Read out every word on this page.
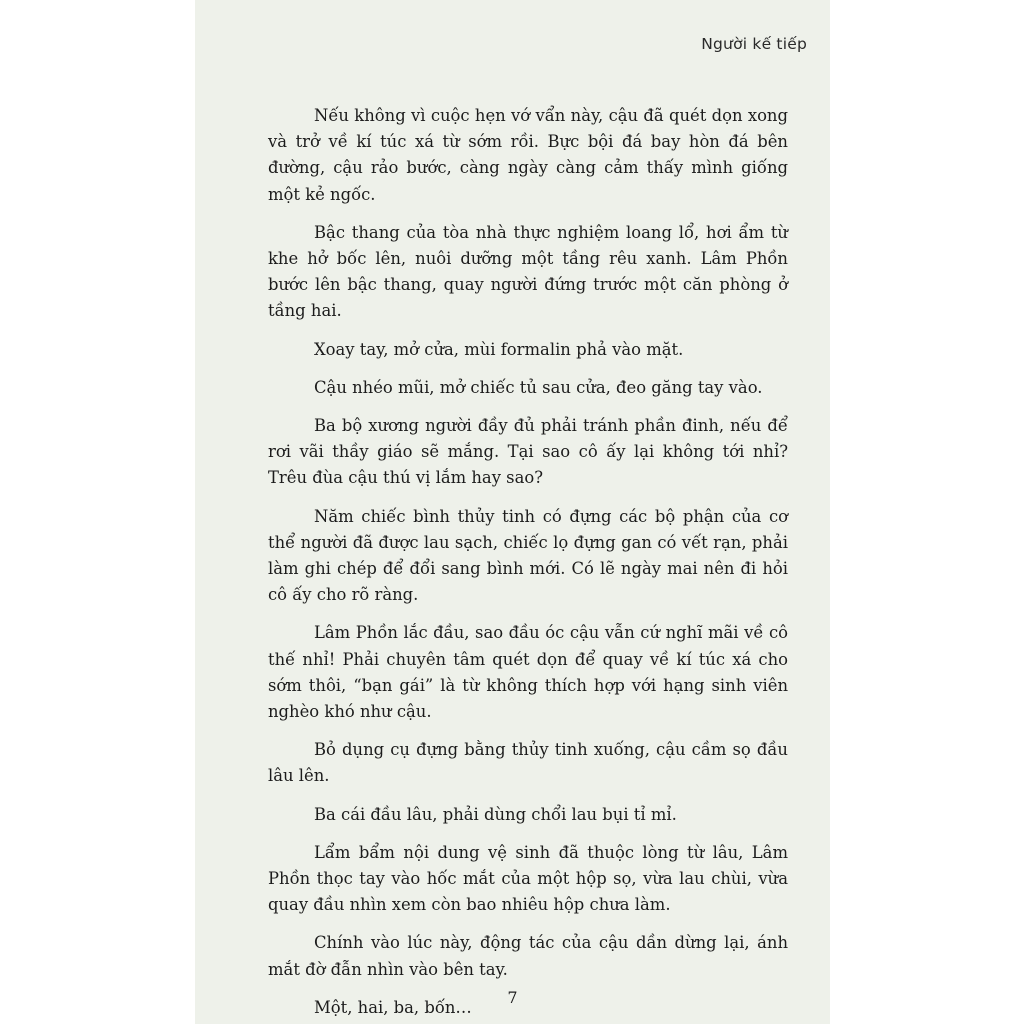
Người kế tiếp

Nếu không vì cuộc hẹn vớ vẩn này, cậu đã quét dọn xong và trở về kí túc xá từ sớm rồi. Bực bội đá bay hòn đá bên đường, cậu rảo bước, càng ngày càng cảm thấy mình giống một kẻ ngốc.

Bậc thang của tòa nhà thực nghiệm loang lổ, hơi ẩm từ khe hở bốc lên, nuôi dưỡng một tầng rêu xanh. Lâm Phồn bước lên bậc thang, quay người đứng trước một căn phòng ở tầng hai.

Xoay tay, mở cửa, mùi formalin phả vào mặt.

Cậu nhéo mũi, mở chiếc tủ sau cửa, đeo găng tay vào.

Ba bộ xương người đầy đủ phải tránh phần đinh, nếu để rơi vãi thầy giáo sẽ mắng. Tại sao cô ấy lại không tới nhỉ? Trêu đùa cậu thú vị lắm hay sao?

Năm chiếc bình thủy tinh có đựng các bộ phận của cơ thể người đã được lau sạch, chiếc lọ đựng gan có vết rạn, phải làm ghi chép để đổi sang bình mới. Có lẽ ngày mai nên đi hỏi cô ấy cho rõ ràng.

Lâm Phồn lắc đầu, sao đầu óc cậu vẫn cứ nghĩ mãi về cô thế nhỉ! Phải chuyên tâm quét dọn để quay về kí túc xá cho sớm thôi, “bạn gái” là từ không thích hợp với hạng sinh viên nghèo khó như cậu.

Bỏ dụng cụ đựng bằng thủy tinh xuống, cậu cầm sọ đầu lâu lên.

Ba cái đầu lâu, phải dùng chổi lau bụi tỉ mỉ.

Lẩm bẩm nội dung vệ sinh đã thuộc lòng từ lâu, Lâm Phồn thọc tay vào hốc mắt của một hộp sọ, vừa lau chùi, vừa quay đầu nhìn xem còn bao nhiêu hộp chưa làm.

Chính vào lúc này, động tác của cậu dần dừng lại, ánh mắt đờ đẫn nhìn vào bên tay.

Một, hai, ba, bốn…

7
